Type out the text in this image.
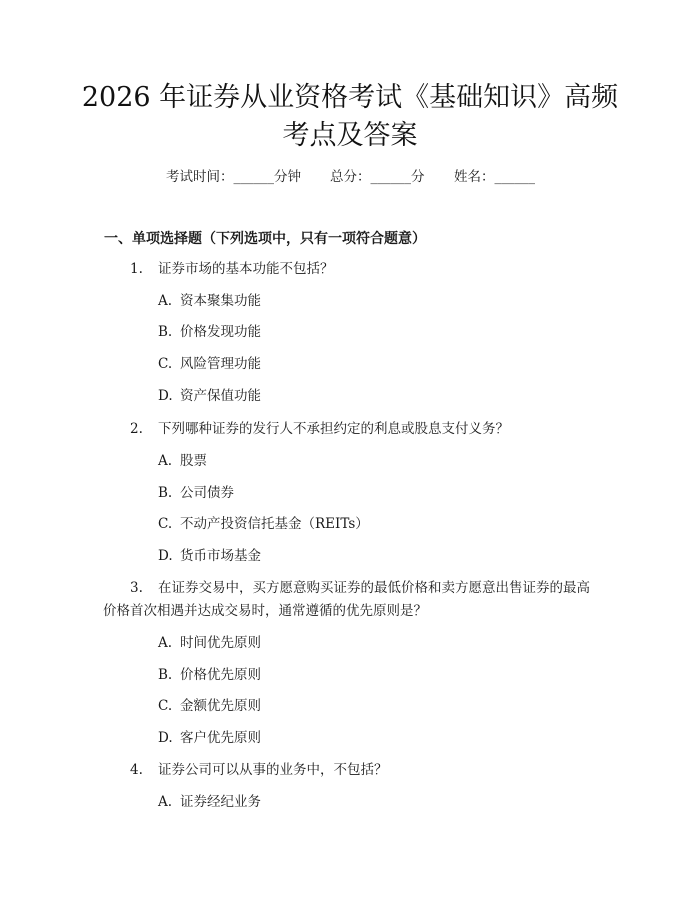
2026 年证券从业资格考试《基础知识》高频
考点及答案
考试时间：______分钟 总分：______分 姓名：______
一、单项选择题（下列选项中，只有一项符合题意）
1. 证券市场的基本功能不包括？
A. 资本聚集功能
B. 价格发现功能
C. 风险管理功能
D. 资产保值功能
2. 下列哪种证券的发行人不承担约定的利息或股息支付义务？
A. 股票
B. 公司债券
C. 不动产投资信托基金（REITs）
D. 货币市场基金
3. 在证券交易中，买方愿意购买证券的最低价格和卖方愿意出售证券的最高
价格首次相遇并达成交易时，通常遵循的优先原则是？
A. 时间优先原则
B. 价格优先原则
C. 金额优先原则
D. 客户优先原则
4. 证券公司可以从事的业务中，不包括？
A. 证券经纪业务
